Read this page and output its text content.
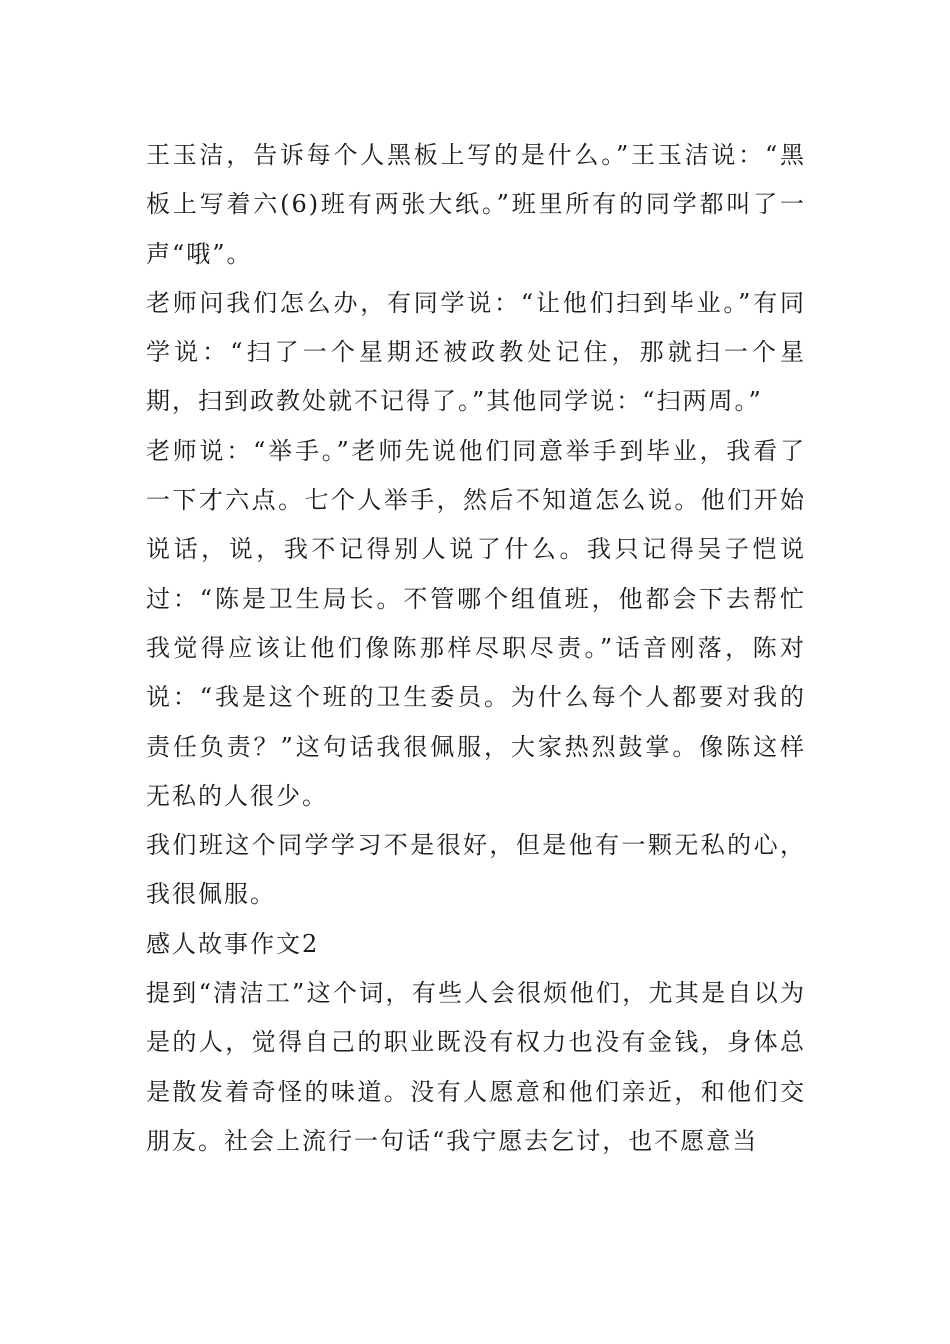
王玉洁，告诉每个人黑板上写的是什么。”王玉洁说：“黑板上写着六(6)班有两张大纸。”班里所有的同学都叫了一声“哦”。

老师问我们怎么办，有同学说：“让他们扫到毕业。”有同学说：“扫了一个星期还被政教处记住，那就扫一个星期，扫到政教处就不记得了。”其他同学说：“扫两周。”

老师说：“举手。”老师先说他们同意举手到毕业，我看了一下才六点。七个人举手，然后不知道怎么说。他们开始说话，说，我不记得别人说了什么。我只记得吴子恺说过：“陈是卫生局长。不管哪个组值班，他都会下去帮忙我觉得应该让他们像陈那样尽职尽责。”话音刚落，陈对说：“我是这个班的卫生委员。为什么每个人都要对我的责任负责？”这句话我很佩服，大家热烈鼓掌。像陈这样无私的人很少。

我们班这个同学学习不是很好，但是他有一颗无私的心，我很佩服。

感人故事作文2

提到“清洁工”这个词，有些人会很烦他们，尤其是自以为是的人，觉得自己的职业既没有权力也没有金钱，身体总是散发着奇怪的味道。没有人愿意和他们亲近，和他们交朋友。社会上流行一句话“我宁愿去乞讨，也不愿意当
